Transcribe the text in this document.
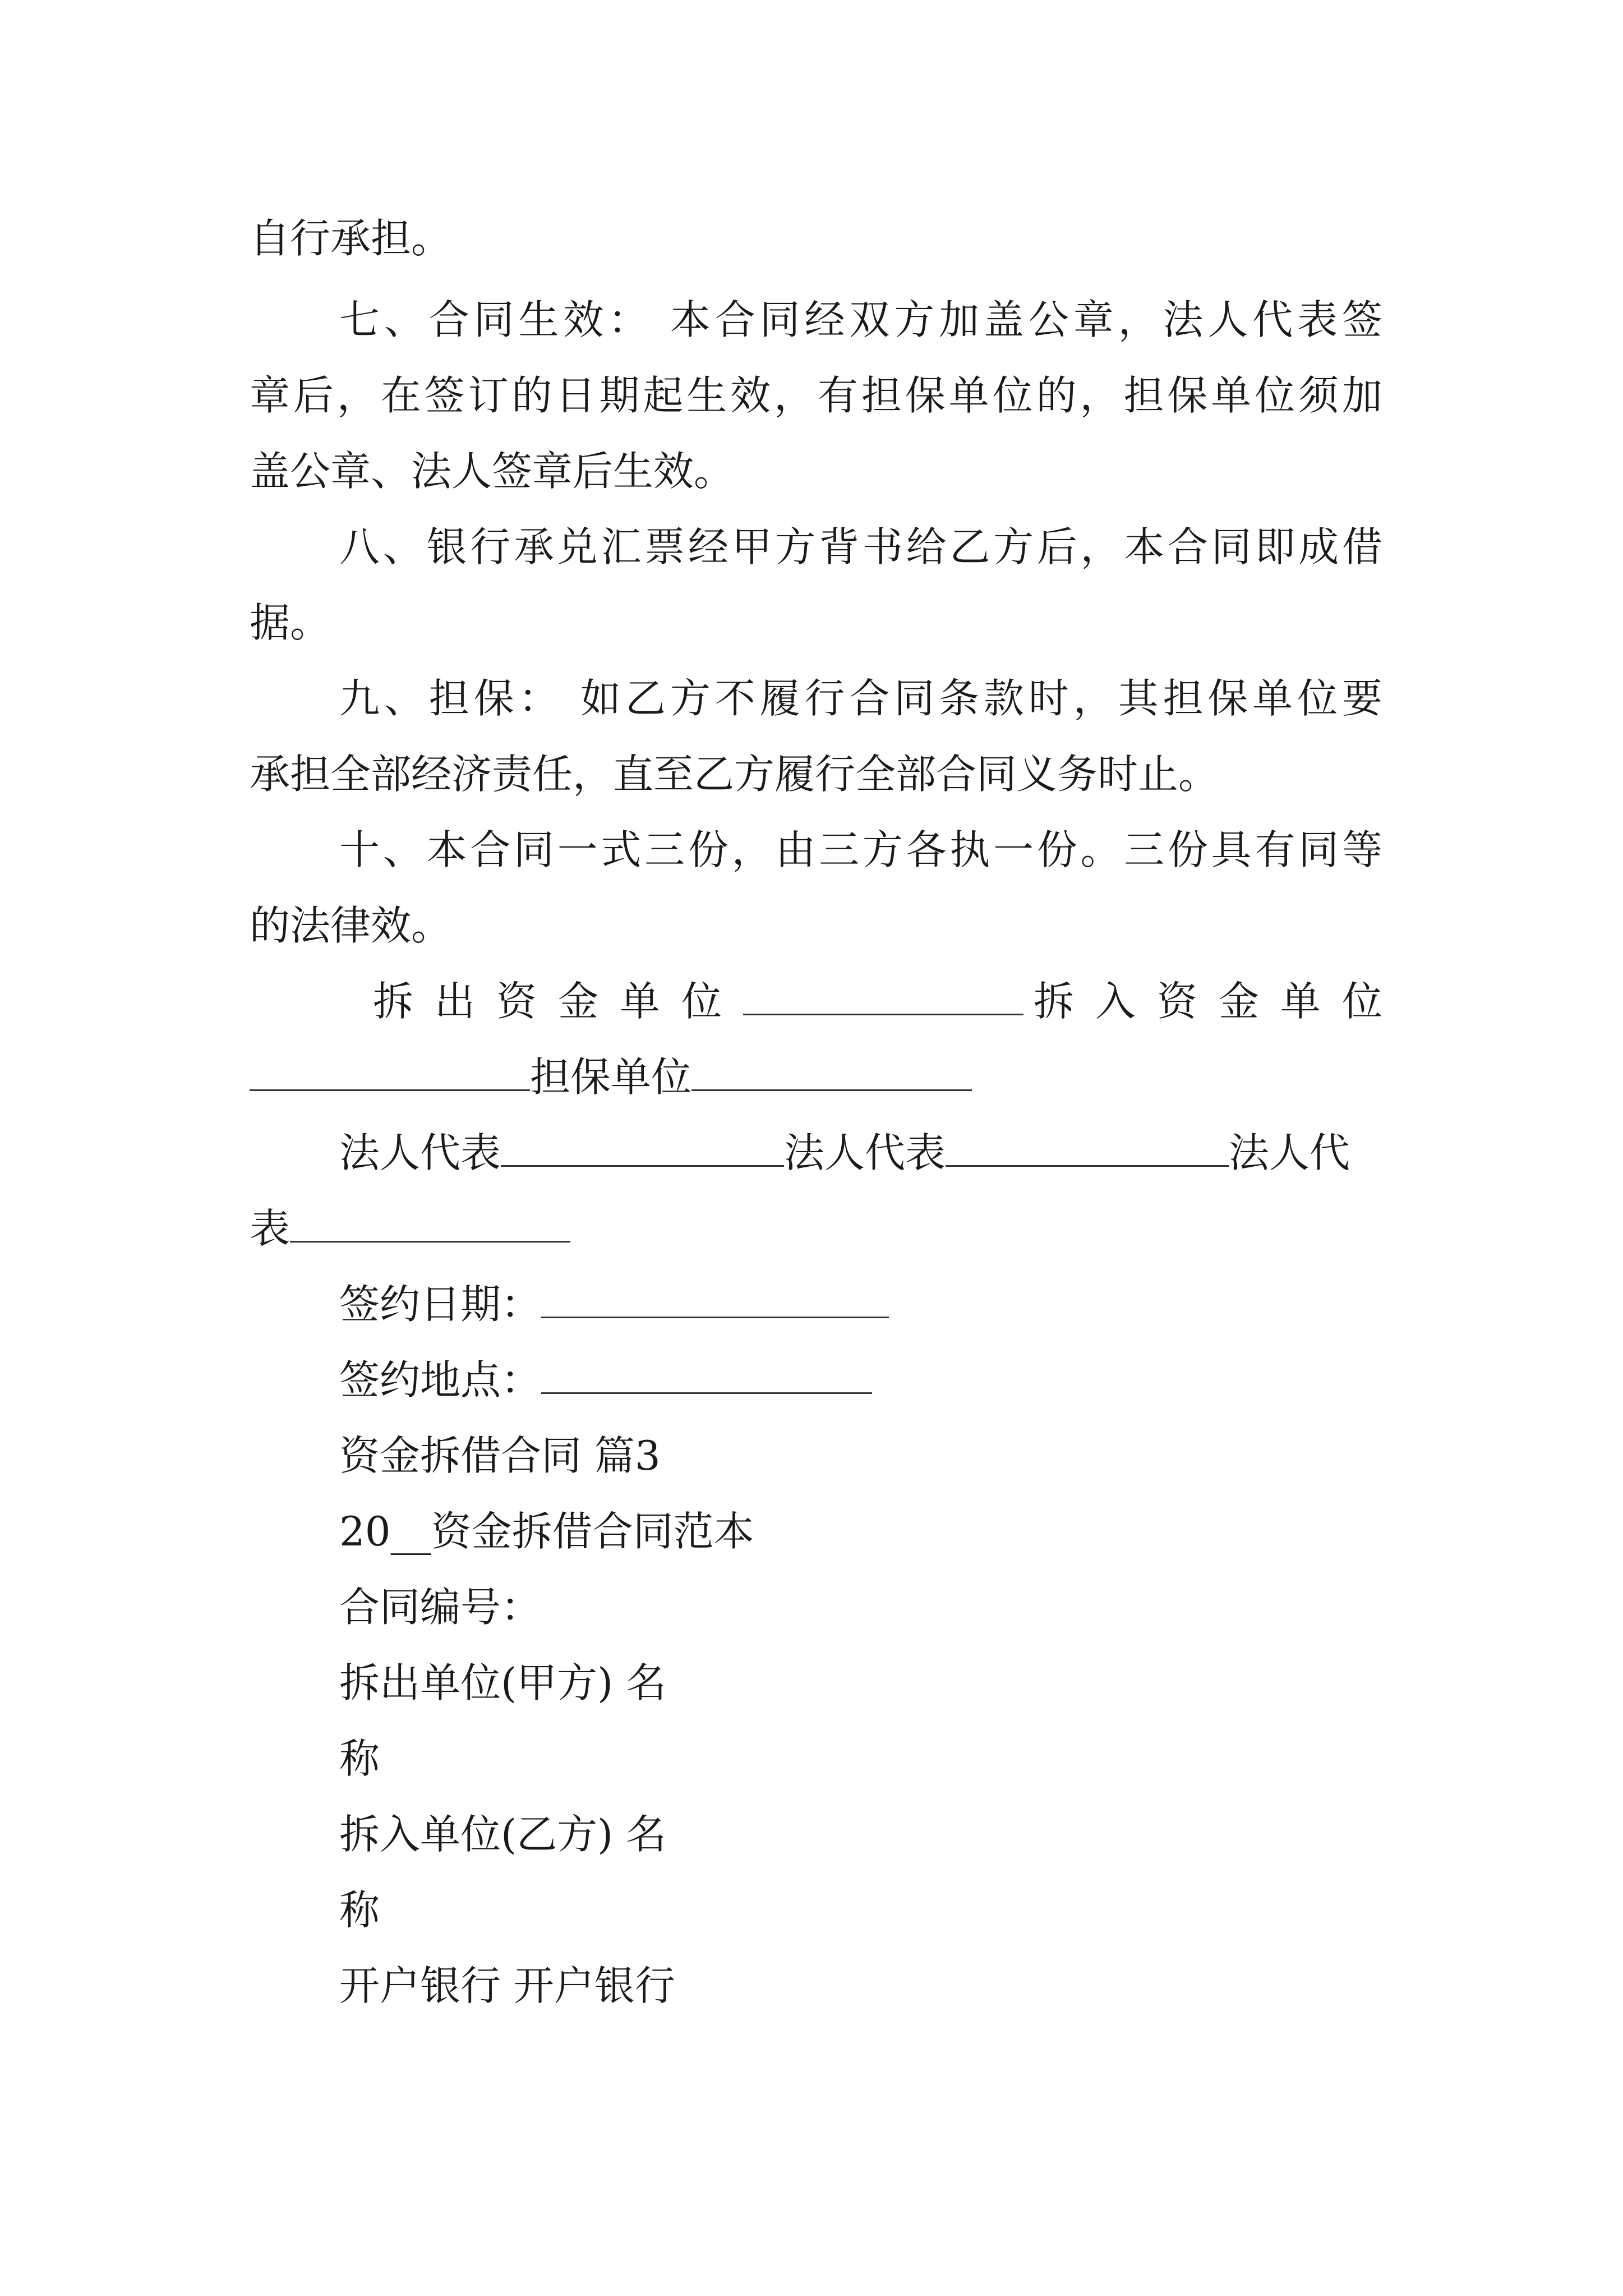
自行承担。

七、合同生效： 本合同经双方加盖公章，法人代表签

章后，在签订的日期起生效，有担保单位的，担保单位须加

盖公章、法人签章后生效。

八、银行承兑汇票经甲方背书给乙方后，本合同即成借

据。

九、担保： 如乙方不履行合同条款时，其担保单位要

承担全部经济责任，直至乙方履行全部合同义务时止。

十、本合同一式三份，由三方各执一份。三份具有同等

的法律效。

拆出资金单位	拆入资金单位
担保单位
法人代表	法人代表	法人代
表
签约日期：
签约地点：

资金拆借合同 篇3

20__资金拆借合同范本

合同编号：

拆出单位(甲方) 名

称

拆入单位(乙方) 名

称

开户银行 开户银行
